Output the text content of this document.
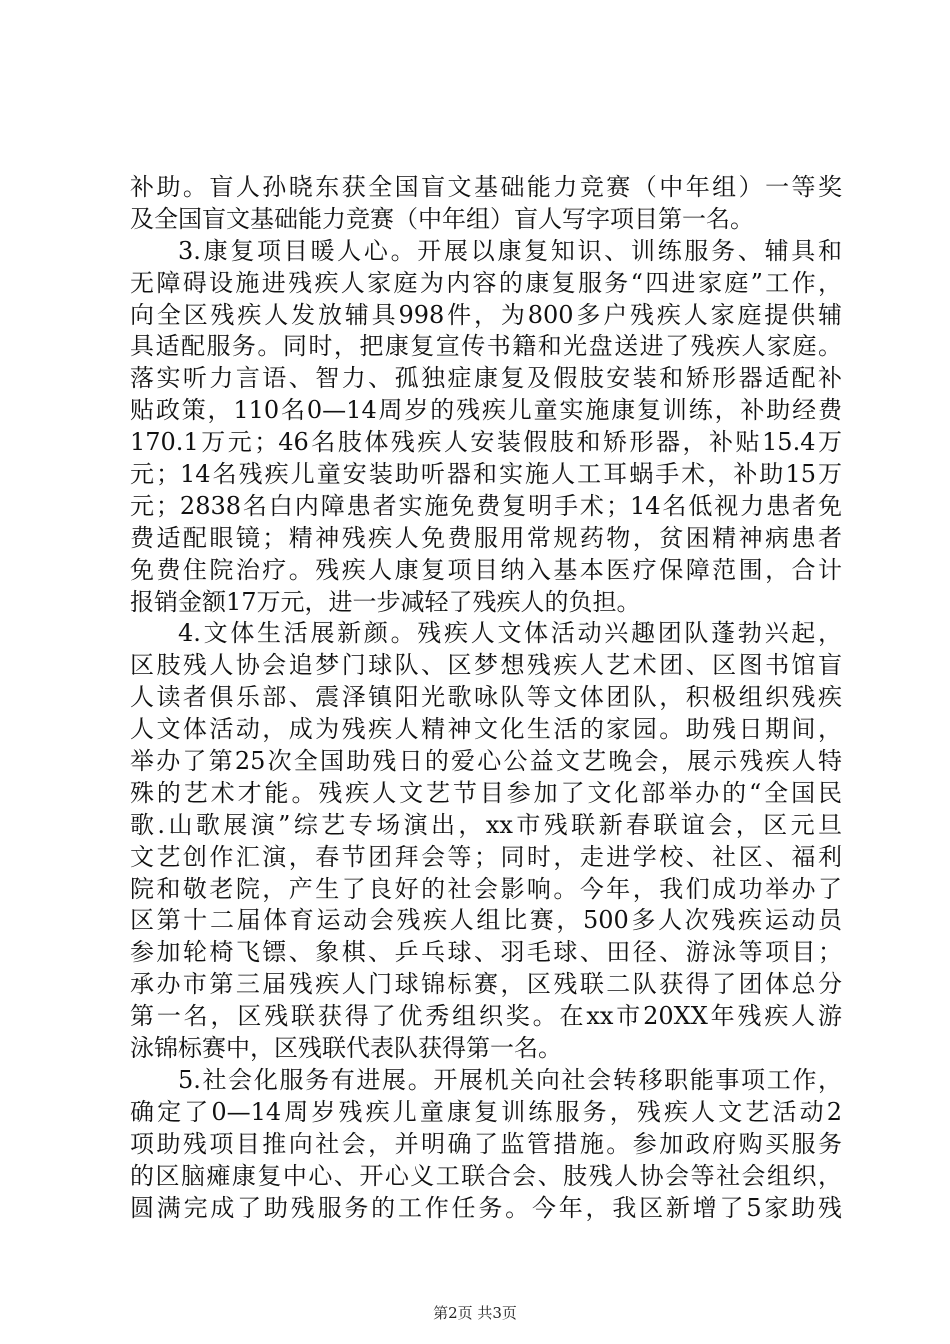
补助。盲人孙晓东获全国盲文基础能力竞赛（中年组）一等奖
及全国盲文基础能力竞赛（中年组）盲人写字项目第一名。
3.康复项目暖人心。开展以康复知识、训练服务、辅具和
无障碍设施进残疾人家庭为内容的康复服务“四进家庭”工作，
向全区残疾人发放辅具998件，为800多户残疾人家庭提供辅
具适配服务。同时，把康复宣传书籍和光盘送进了残疾人家庭。
落实听力言语、智力、孤独症康复及假肢安装和矫形器适配补
贴政策，110名0—14周岁的残疾儿童实施康复训练，补助经费
170.1万元；46名肢体残疾人安装假肢和矫形器，补贴15.4万
元；14名残疾儿童安装助听器和实施人工耳蜗手术，补助15万
元；2838名白内障患者实施免费复明手术；14名低视力患者免
费适配眼镜；精神残疾人免费服用常规药物，贫困精神病患者
免费住院治疗。残疾人康复项目纳入基本医疗保障范围，合计
报销金额17万元，进一步减轻了残疾人的负担。
4.文体生活展新颜。残疾人文体活动兴趣团队蓬勃兴起，
区肢残人协会追梦门球队、区梦想残疾人艺术团、区图书馆盲
人读者俱乐部、震泽镇阳光歌咏队等文体团队，积极组织残疾
人文体活动，成为残疾人精神文化生活的家园。助残日期间，
举办了第25次全国助残日的爱心公益文艺晚会，展示残疾人特
殊的艺术才能。残疾人文艺节目参加了文化部举办的“全国民
歌.山歌展演”综艺专场演出，xx市残联新春联谊会，区元旦
文艺创作汇演，春节团拜会等；同时，走进学校、社区、福利
院和敬老院，产生了良好的社会影响。今年，我们成功举办了
区第十二届体育运动会残疾人组比赛，500多人次残疾运动员
参加轮椅飞镖、象棋、乒乓球、羽毛球、田径、游泳等项目；
承办市第三届残疾人门球锦标赛，区残联二队获得了团体总分
第一名，区残联获得了优秀组织奖。在xx市20XX年残疾人游
泳锦标赛中，区残联代表队获得第一名。
5.社会化服务有进展。开展机关向社会转移职能事项工作，
确定了0—14周岁残疾儿童康复训练服务，残疾人文艺活动2
项助残项目推向社会，并明确了监管措施。参加政府购买服务
的区脑瘫康复中心、开心义工联合会、肢残人协会等社会组织，
圆满完成了助残服务的工作任务。今年，我区新增了5家助残
第2页 共3页
